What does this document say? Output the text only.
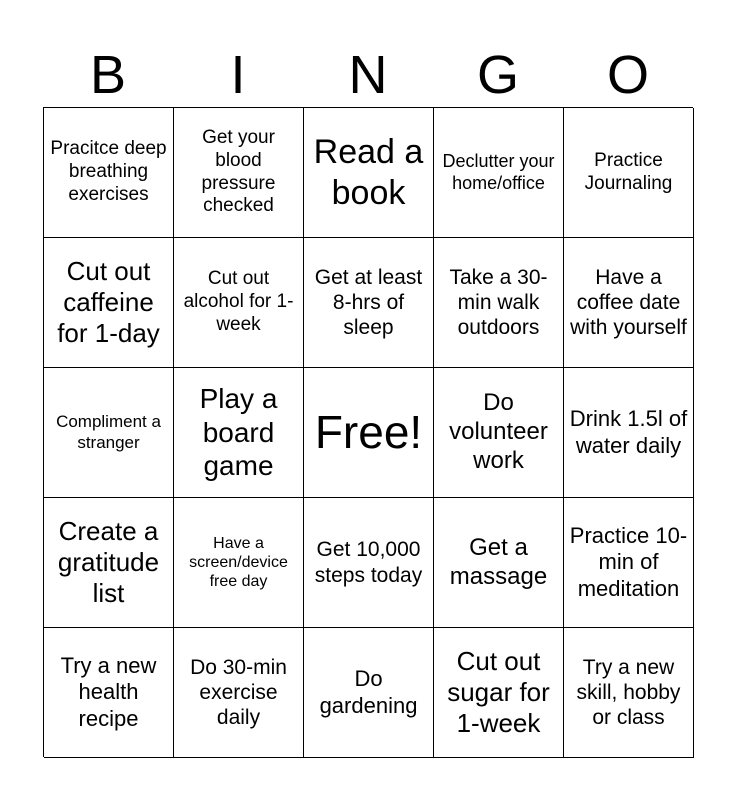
B	I	N	G	O
Pracitce deep breathing exercises
Get your blood pressure checked
Read a book
Declutter your home/office
Practice Journaling
Cut out caffeine for 1-day
Cut out alcohol for 1-week
Get at least 8-hrs of sleep
Take a 30-min walk outdoors
Have a coffee date with yourself
Compliment a stranger
Play a board game
Free!
Do volunteer work
Drink 1.5l of water daily
Create a gratitude list
Have a screen/device free day
Get 10,000 steps today
Get a massage
Practice 10-min of meditation
Try a new health recipe
Do 30-min exercise daily
Do gardening
Cut out sugar for 1-week
Try a new skill, hobby or class
